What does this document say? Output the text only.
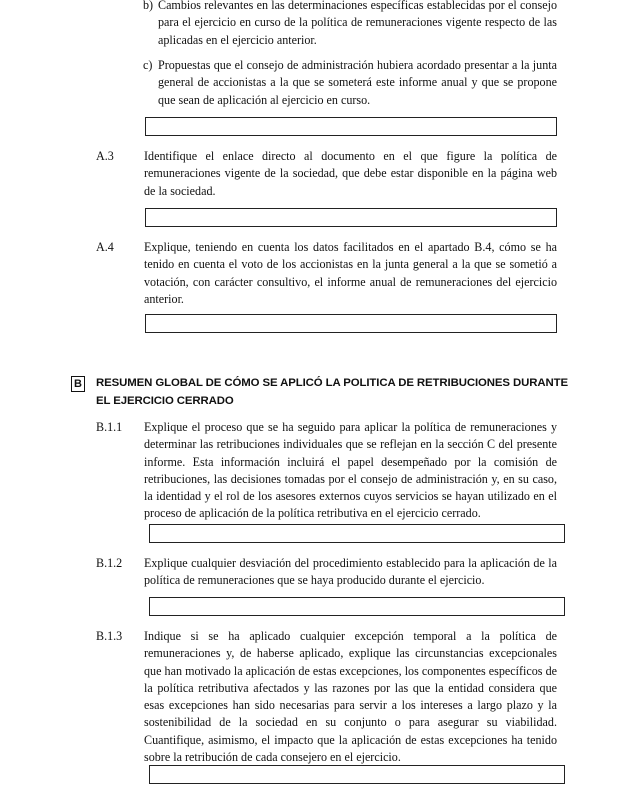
b) Cambios relevantes en las determinaciones específicas establecidas por el consejo para el ejercicio en curso de la política de remuneraciones vigente respecto de las aplicadas en el ejercicio anterior.
c) Propuestas que el consejo de administración hubiera acordado presentar a la junta general de accionistas a la que se someterá este informe anual y que se propone que sean de aplicación al ejercicio en curso.
A.3 Identifique el enlace directo al documento en el que figure la política de remuneraciones vigente de la sociedad, que debe estar disponible en la página web de la sociedad.
A.4 Explique, teniendo en cuenta los datos facilitados en el apartado B.4, cómo se ha tenido en cuenta el voto de los accionistas en la junta general a la que se sometió a votación, con carácter consultivo, el informe anual de remuneraciones del ejercicio anterior.
B RESUMEN GLOBAL DE CÓMO SE APLICÓ LA POLITICA DE RETRIBUCIONES DURANTE
EL EJERCICIO CERRADO
B.1.1 Explique el proceso que se ha seguido para aplicar la política de remuneraciones y determinar las retribuciones individuales que se reflejan en la sección C del presente informe. Esta información incluirá el papel desempeñado por la comisión de retribuciones, las decisiones tomadas por el consejo de administración y, en su caso, la identidad y el rol de los asesores externos cuyos servicios se hayan utilizado en el proceso de aplicación de la política retributiva en el ejercicio cerrado.
B.1.2 Explique cualquier desviación del procedimiento establecido para la aplicación de la política de remuneraciones que se haya producido durante el ejercicio.
B.1.3 Indique si se ha aplicado cualquier excepción temporal a la política de remuneraciones y, de haberse aplicado, explique las circunstancias excepcionales que han motivado la aplicación de estas excepciones, los componentes específicos de la política retributiva afectados y las razones por las que la entidad considera que esas excepciones han sido necesarias para servir a los intereses a largo plazo y la sostenibilidad de la sociedad en su conjunto o para asegurar su viabilidad. Cuantifique, asimismo, el impacto que la aplicación de estas excepciones ha tenido sobre la retribución de cada consejero en el ejercicio.
